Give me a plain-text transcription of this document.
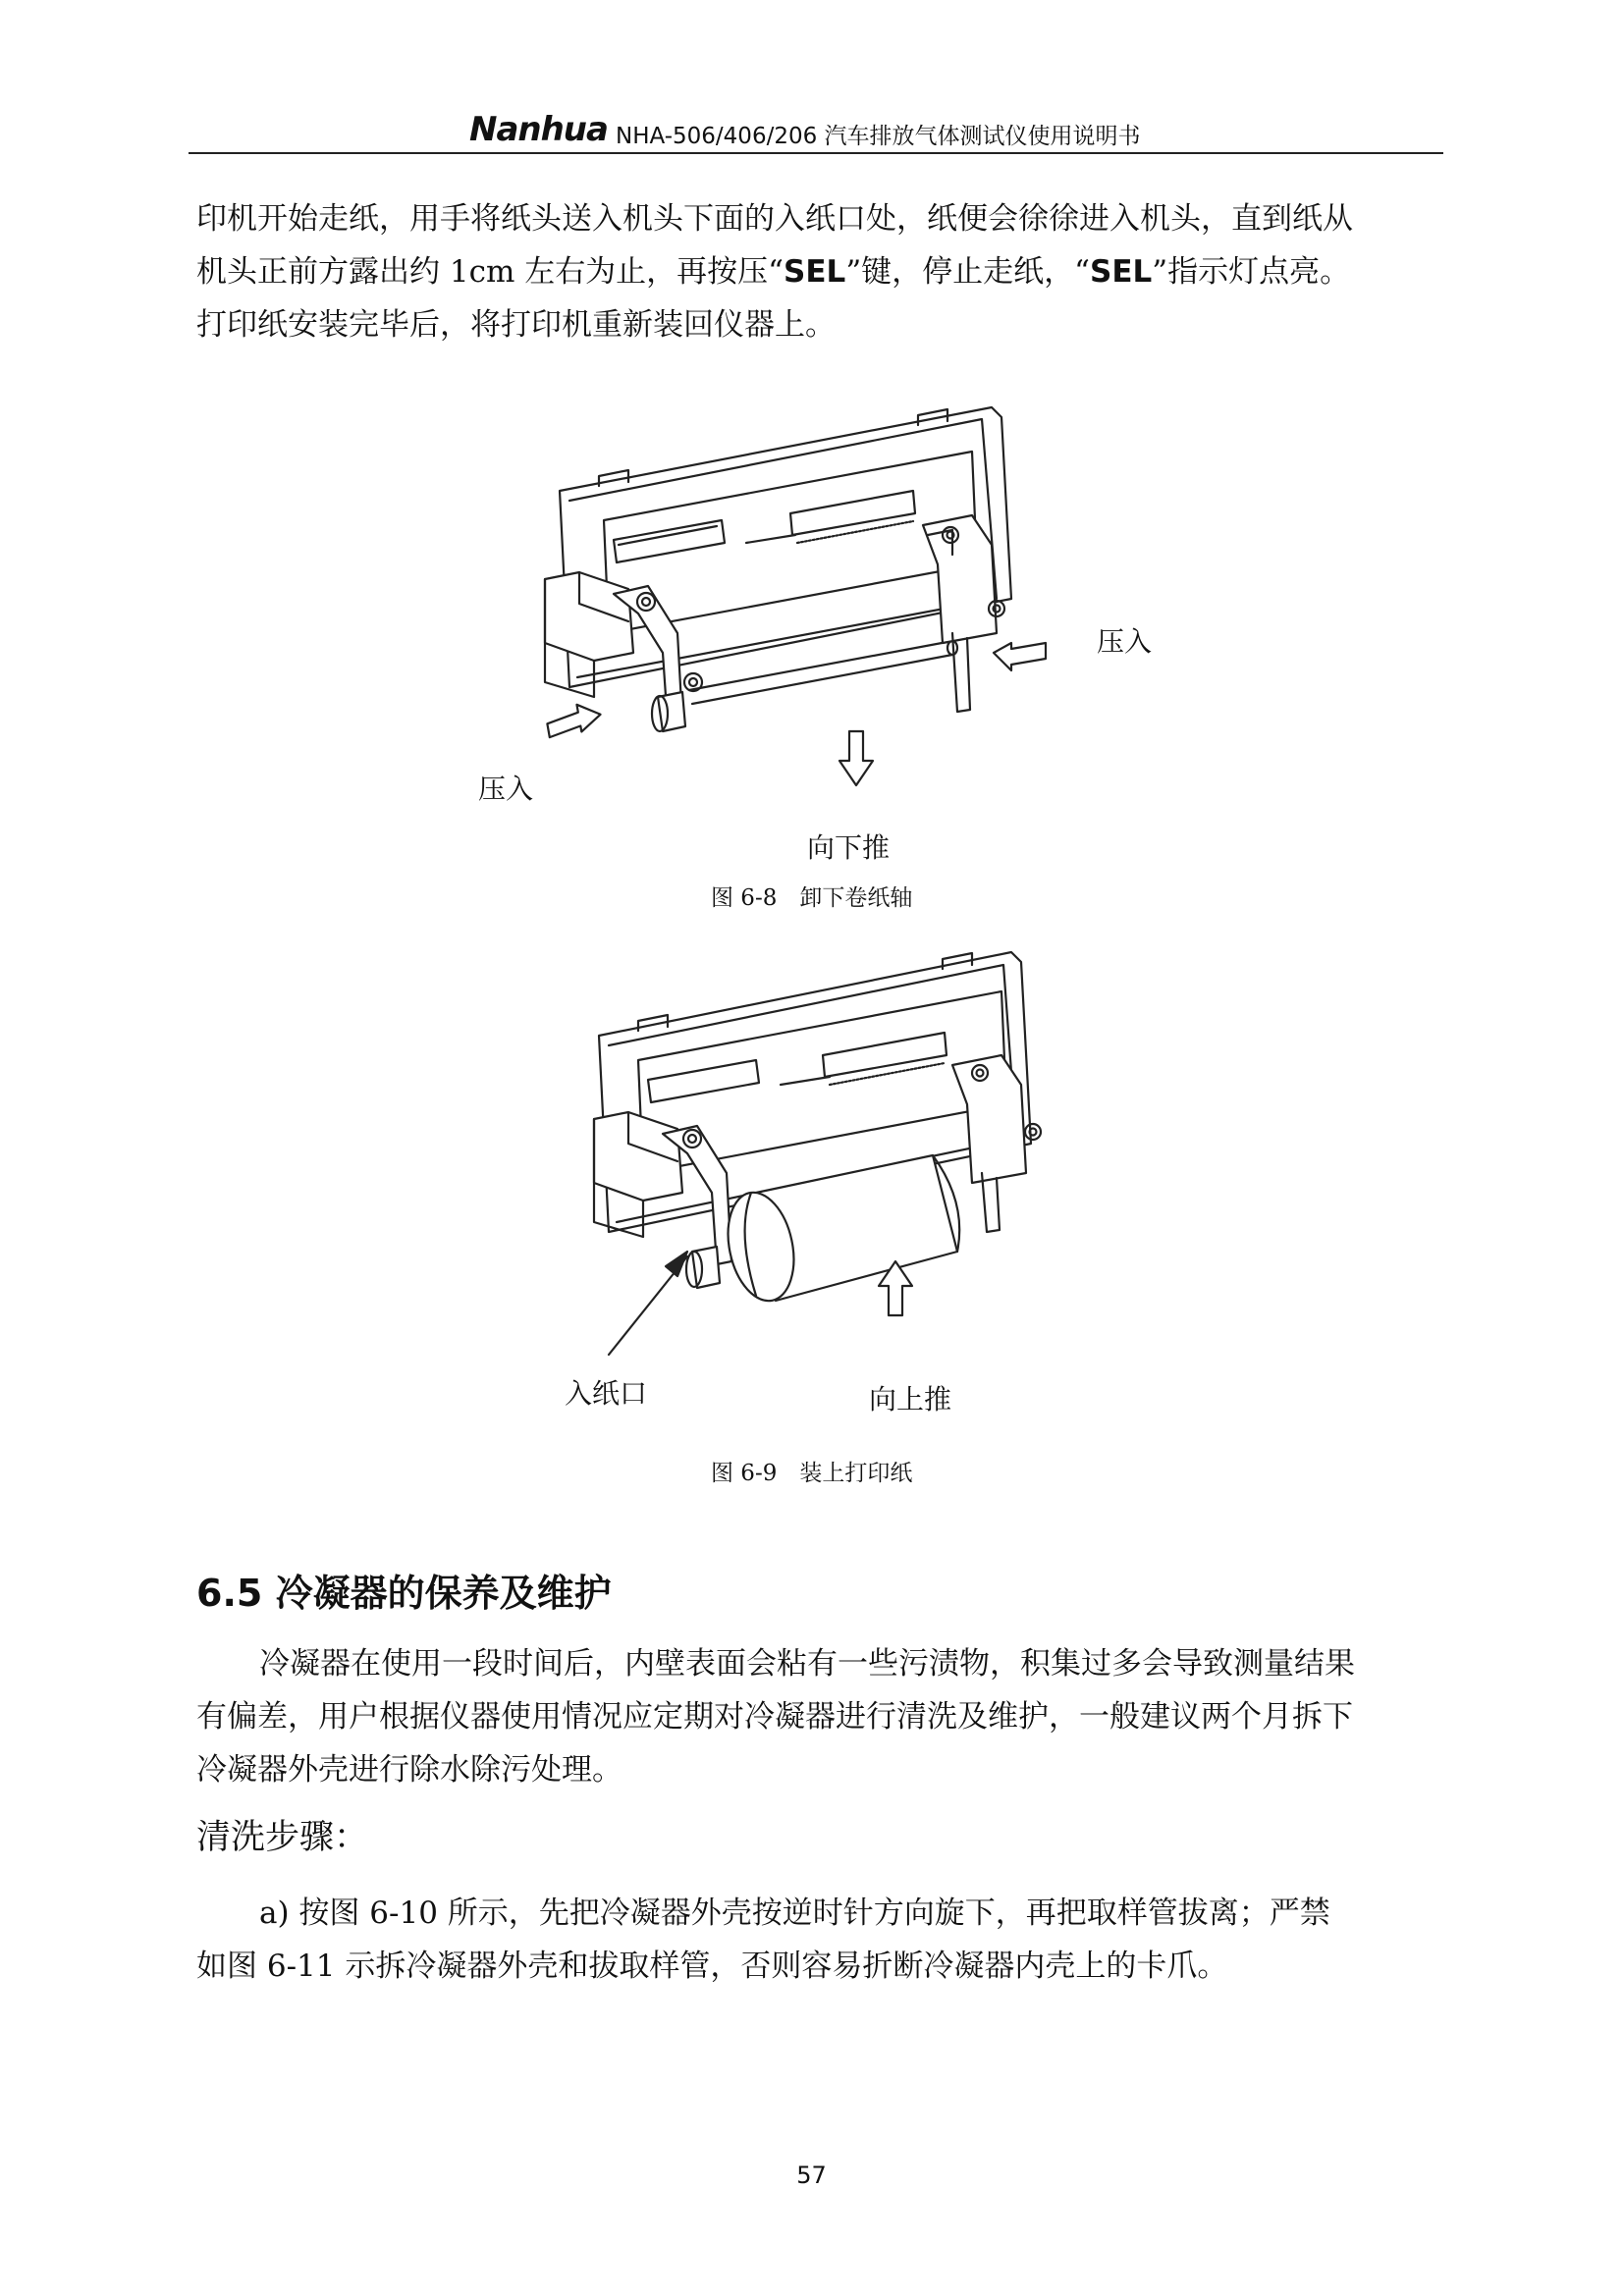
Nanhua NHA-506/406/206 汽车排放气体测试仪使用说明书

印机开始走纸，用手将纸头送入机头下面的入纸口处，纸便会徐徐进入机头，直到纸从
机头正前方露出约 1cm 左右为止，再按压“SEL”键，停止走纸，“SEL”指示灯点亮。
打印纸安装完毕后，将打印机重新装回仪器上。

压入
压入
向下推
图 6-8　卸下卷纸轴
入纸口	向上推
图 6-9　装上打印纸
6.5 冷凝器的保养及维护

冷凝器在使用一段时间后，内壁表面会粘有一些污渍物，积集过多会导致测量结果
有偏差，用户根据仪器使用情况应定期对冷凝器进行清洗及维护，一般建议两个月拆下
冷凝器外壳进行除水除污处理。

清洗步骤：

a) 按图 6-10 所示，先把冷凝器外壳按逆时针方向旋下，再把取样管拔离；严禁
如图 6-11 示拆冷凝器外壳和拔取样管，否则容易折断冷凝器内壳上的卡爪。

57
